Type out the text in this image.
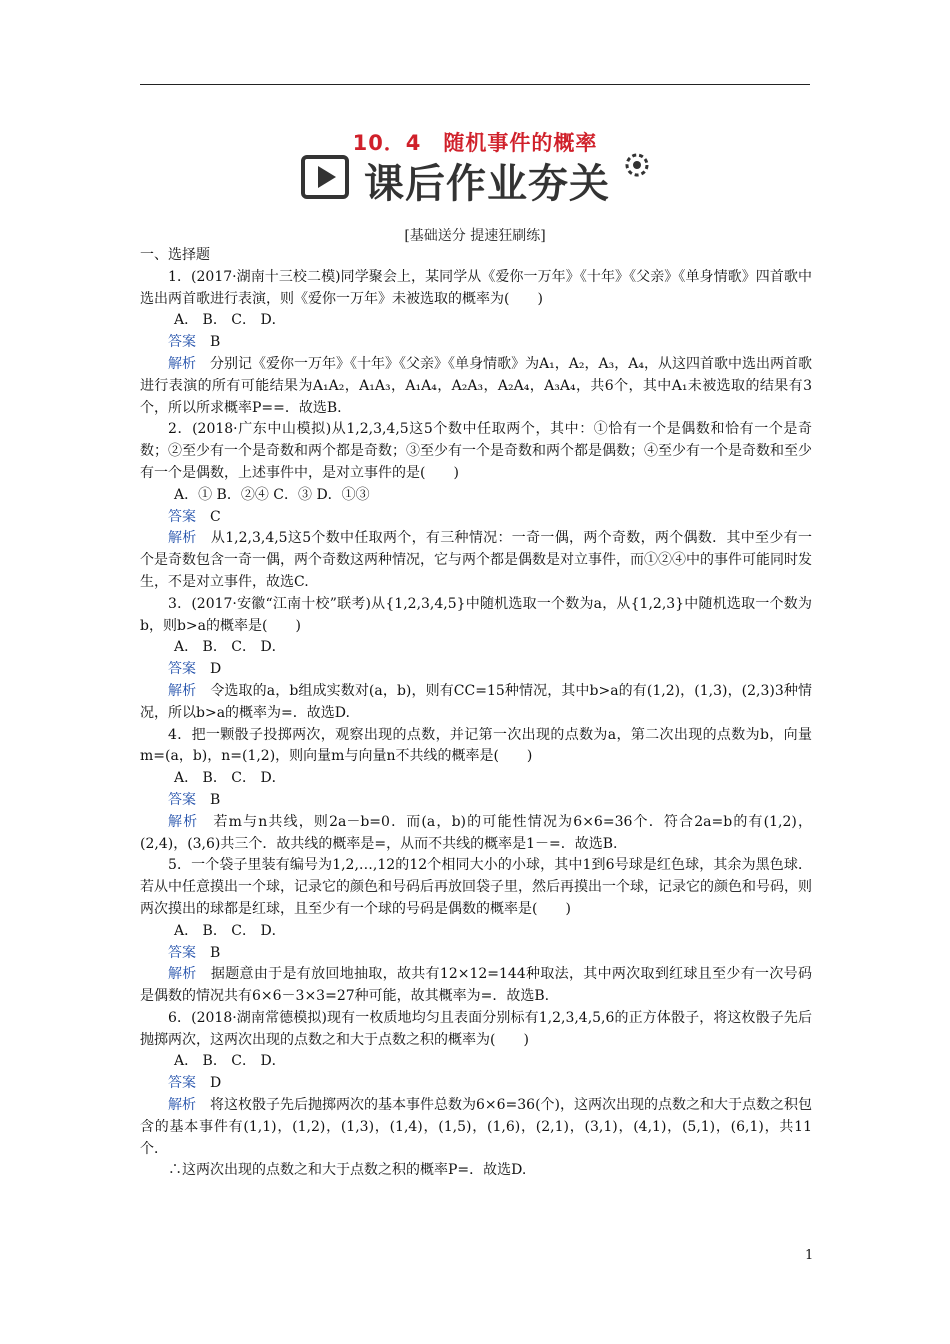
10．4　随机事件的概率
课后作业夯关
[基础送分 提速狂刷练]

一、选择题

1．(2017·湖南十三校二模)同学聚会上，某同学从《爱你一万年》《十年》《父亲》《单身情歌》四首歌中选出两首歌进行表演，则《爱你一万年》未被选取的概率为(　　)

A． B． C． D．

答案　B

解析　分别记《爱你一万年》《十年》《父亲》《单身情歌》为A₁，A₂，A₃，A₄，从这四首歌中选出两首歌进行表演的所有可能结果为A₁A₂，A₁A₃，A₁A₄，A₂A₃，A₂A₄，A₃A₄，共6个，其中A₁未被选取的结果有3个，所以所求概率P==．故选B.

2．(2018·广东中山模拟)从1,2,3,4,5这5个数中任取两个，其中：①恰有一个是偶数和恰有一个是奇数；②至少有一个是奇数和两个都是奇数；③至少有一个是奇数和两个都是偶数；④至少有一个是奇数和至少有一个是偶数，上述事件中，是对立事件的是(　　)

A．① B．②④ C．③ D．①③

答案　C

解析　从1,2,3,4,5这5个数中任取两个，有三种情况：一奇一偶，两个奇数，两个偶数．其中至少有一个是奇数包含一奇一偶，两个奇数这两种情况，它与两个都是偶数是对立事件，而①②④中的事件可能同时发生，不是对立事件，故选C.

3．(2017·安徽“江南十校”联考)从{1,2,3,4,5}中随机选取一个数为a，从{1,2,3}中随机选取一个数为b，则b>a的概率是(　　)

A． B． C． D．

答案　D

解析　令选取的a，b组成实数对(a，b)，则有CC=15种情况，其中b>a的有(1,2)，(1,3)，(2,3)3种情况，所以b>a的概率为=．故选D.

4．把一颗骰子投掷两次，观察出现的点数，并记第一次出现的点数为a，第二次出现的点数为b，向量m=(a，b)，n=(1,2)，则向量m与向量n不共线的概率是(　　)

A． B． C． D．

答案　B

解析　若m与n共线，则2a－b=0．而(a，b)的可能性情况为6×6=36个．符合2a=b的有(1,2)，(2,4)，(3,6)共三个．故共线的概率是=，从而不共线的概率是1－=．故选B.

5．一个袋子里装有编号为1,2,…,12的12个相同大小的小球，其中1到6号球是红色球，其余为黑色球．若从中任意摸出一个球，记录它的颜色和号码后再放回袋子里，然后再摸出一个球，记录它的颜色和号码，则两次摸出的球都是红球，且至少有一个球的号码是偶数的概率是(　　)

A． B． C． D．

答案　B

解析　据题意由于是有放回地抽取，故共有12×12=144种取法，其中两次取到红球且至少有一次号码是偶数的情况共有6×6－3×3=27种可能，故其概率为=．故选B.

6．(2018·湖南常德模拟)现有一枚质地均匀且表面分别标有1,2,3,4,5,6的正方体骰子，将这枚骰子先后抛掷两次，这两次出现的点数之和大于点数之积的概率为(　　)

A． B． C． D．

答案　D

解析　将这枚骰子先后抛掷两次的基本事件总数为6×6=36(个)，这两次出现的点数之和大于点数之积包含的基本事件有(1,1)，(1,2)，(1,3)，(1,4)，(1,5)，(1,6)，(2,1)，(3,1)，(4,1)，(5,1)，(6,1)，共11个．

∴这两次出现的点数之和大于点数之积的概率P=．故选D.

1
